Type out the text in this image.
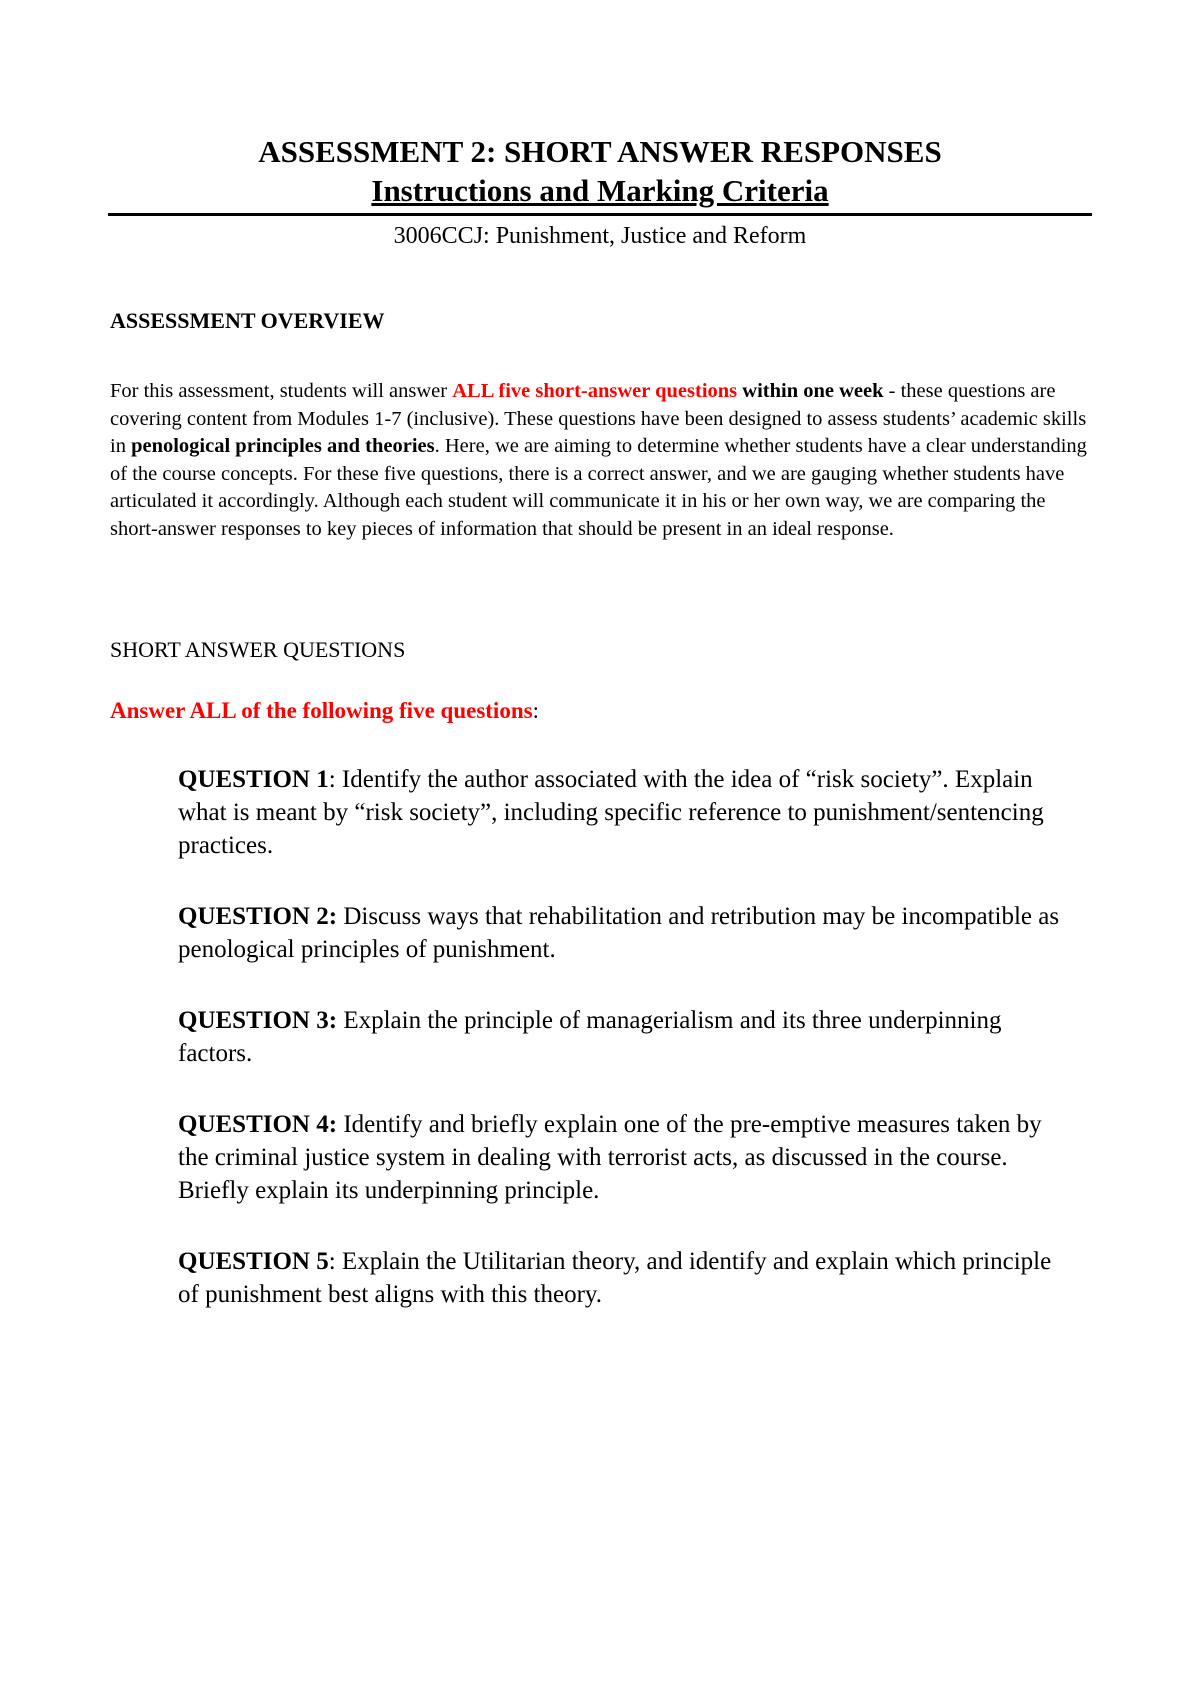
ASSESSMENT 2: SHORT ANSWER RESPONSES
Instructions and Marking Criteria

3006CCJ: Punishment, Justice and Reform

ASSESSMENT OVERVIEW

For this assessment, students will answer ALL five short-answer questions within one week - these questions are covering content from Modules 1-7 (inclusive). These questions have been designed to assess students’ academic skills in penological principles and theories. Here, we are aiming to determine whether students have a clear understanding of the course concepts. For these five questions, there is a correct answer, and we are gauging whether students have articulated it accordingly. Although each student will communicate it in his or her own way, we are comparing the short-answer responses to key pieces of information that should be present in an ideal response.

SHORT ANSWER QUESTIONS

Answer ALL of the following five questions:

QUESTION 1: Identify the author associated with the idea of “risk society”. Explain what is meant by “risk society”, including specific reference to punishment/sentencing practices.

QUESTION 2: Discuss ways that rehabilitation and retribution may be incompatible as penological principles of punishment.

QUESTION 3: Explain the principle of managerialism and its three underpinning factors.

QUESTION 4: Identify and briefly explain one of the pre-emptive measures taken by the criminal justice system in dealing with terrorist acts, as discussed in the course. Briefly explain its underpinning principle.

QUESTION 5: Explain the Utilitarian theory, and identify and explain which principle of punishment best aligns with this theory.
